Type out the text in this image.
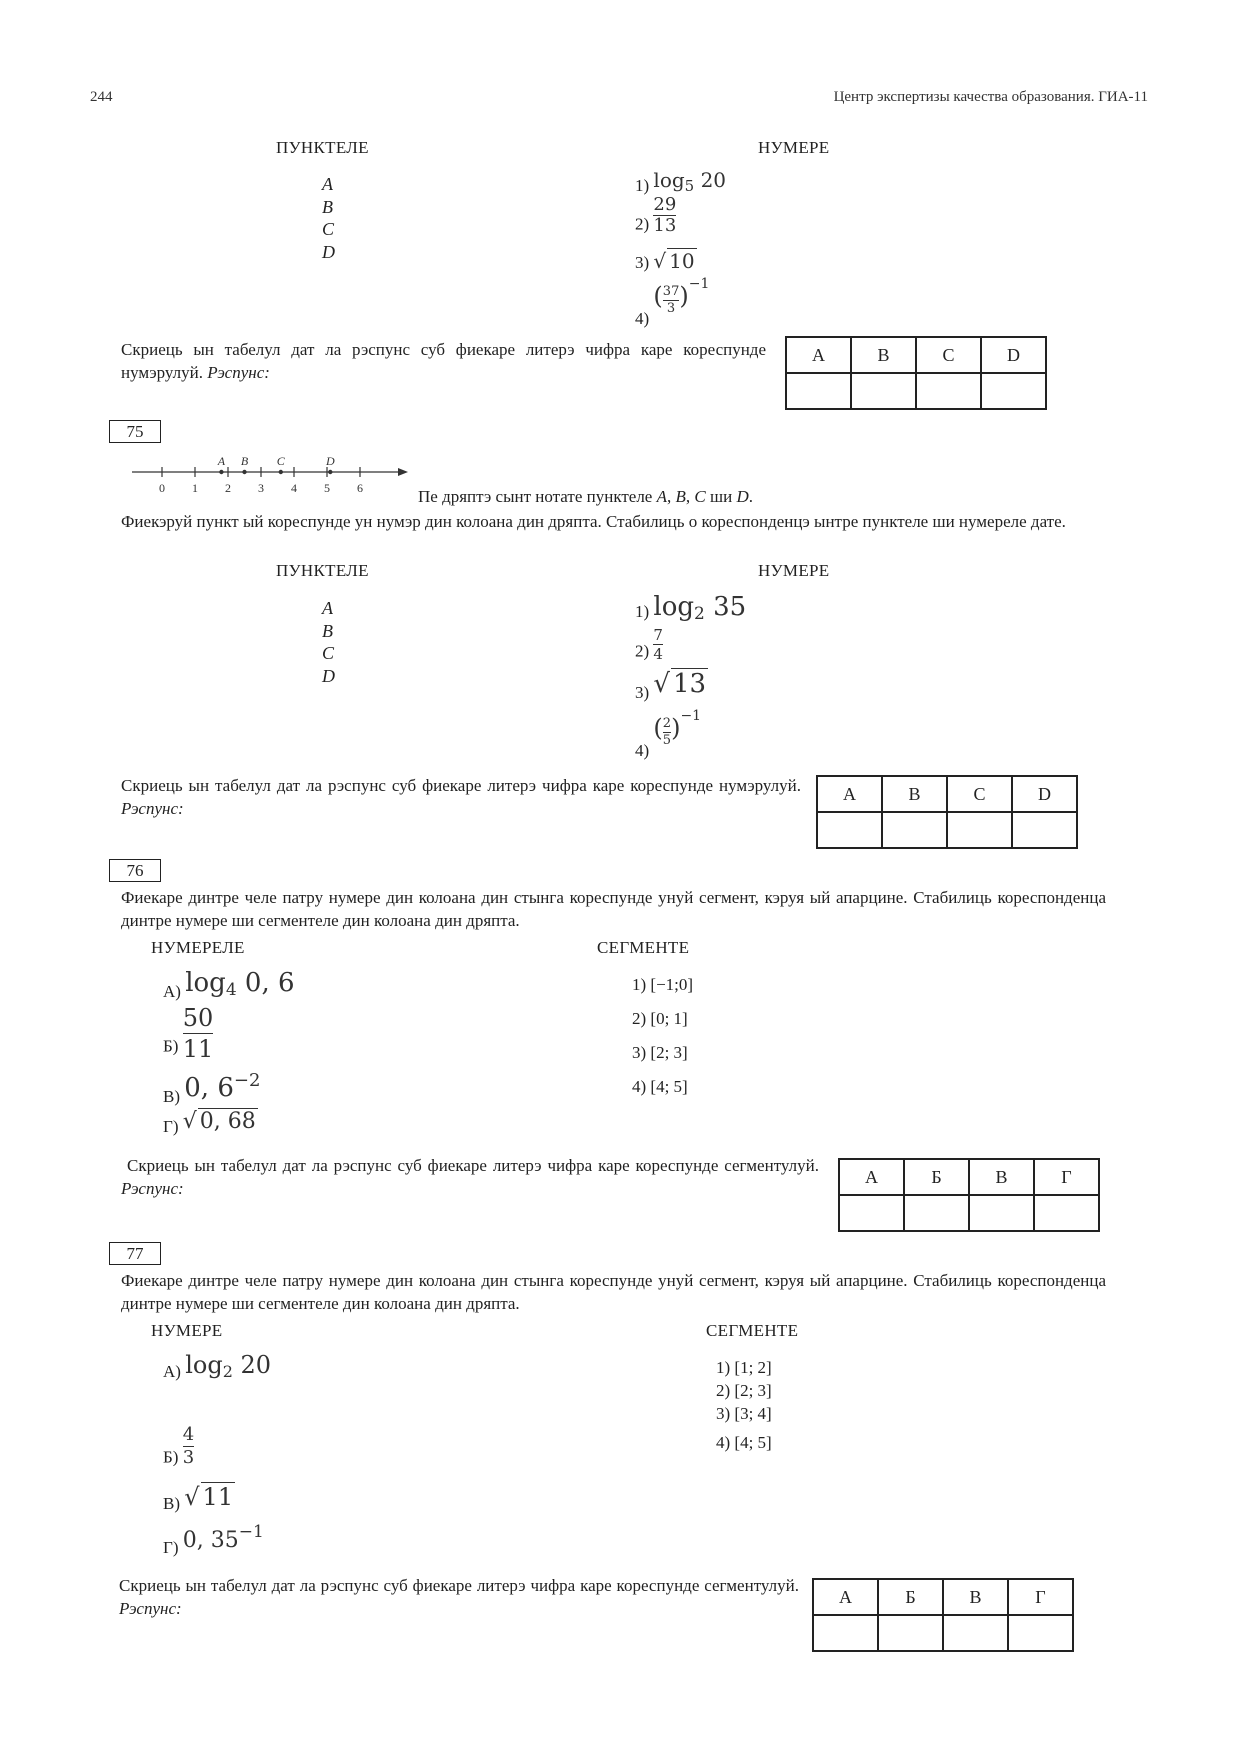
244	Центр экспертизы качества образования. ГИА-11
ПУНКТЕЛЕ	НУМЕРЕ
A
B
C
D
1) $\log_5 20$
$2) \frac{29}{13}$
3) √ 10
4) ( $\frac{37}{3} )^{-1}$
Скриець ын табелул дат ла рэспунс суб фиекаре литерэ чифра каре кореспунде нумэрулуй. Рэспунс:
A	B	C	D

75
0 1 2 3 4 5 6
A B C	D
Пе дряптэ сынт нотате пунктеле A, B, C ши D.
Фиекэруй пункт ый кореспунде ун нумэр дин колоана дин дряпта. Стабилиць о кореспонденцэ ынтре пунктеле ши нумереле дате.
ПУНКТЕЛЕ	НУМЕРЕ
A
B
C
D
1) $\log_2 35$
$2) \frac{7}{4}$
3) √ 13
4) ( $\frac{2}{5} )^{-1}$
Скриець ын табелул дат ла рэспунс суб фиекаре литерэ чифра каре кореспунде нумэрулуй. Рэспунс:
A	B	C	D

76
Фиекаре динтре челе патру нумере дин колоана дин стынга кореспунде унуй сегмент, кэруя ый апарцине. Стабилиць кореспонденца динтре нумере ши сегментеле дин колоана дин дряпта.
НУМЕРЕЛЕ	СЕГМЕНТЕ
А) $\log_4 0$, 6
$Б) \frac{50}{11}$
В) 0, $6^{-2}$
Г) √ 0, 68
1) [−1;0]
2) [0; 1]
3) [2; 3]
4) [4; 5]
Скриець ын табелул дат ла рэспунс суб фиекаре литерэ чифра каре кореспунде сегментулуй. Рэспунс:
А	Б	В	Г

77
Фиекаре динтре челе патру нумере дин колоана дин стынга кореспунде унуй сегмент, кэруя ый апарцине. Стабилиць кореспонденца динтре нумере ши сегментеле дин колоана дин дряпта.
НУМЕРЕ	СЕГМЕНТЕ
А) $\log_2 20$
$Б) \frac{4}{3}$
В) √ 11
Г) 0, $35^{-1}$
1) [1; 2]
2) [2; 3]
3) [3; 4]
4) [4; 5]
Скриець ын табелул дат ла рэспунс суб фиекаре литерэ чифра каре кореспунде сегментулуй. Рэспунс:
А	Б	В	Г
